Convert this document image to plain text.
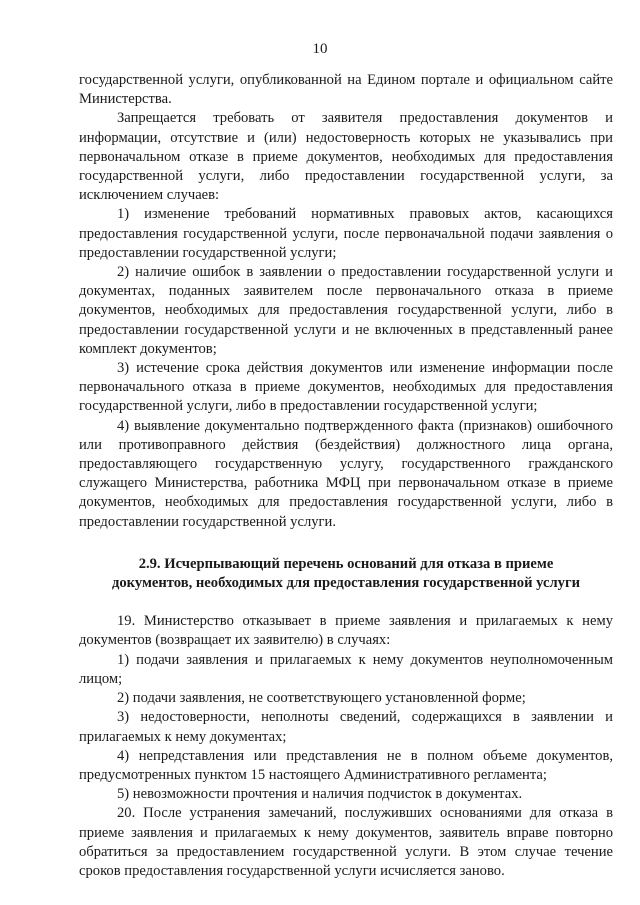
10

государственной услуги, опубликованной на Едином портале и официальном сайте Министерства.

Запрещается требовать от заявителя предоставления документов и информации, отсутствие и (или) недостоверность которых не указывались при первоначальном отказе в приеме документов, необходимых для предоставления государственной услуги, либо предоставлении государственной услуги, за исключением случаев:

1) изменение требований нормативных правовых актов, касающихся предоставления государственной услуги, после первоначальной подачи заявления о предоставлении государственной услуги;

2) наличие ошибок в заявлении о предоставлении государственной услуги и документах, поданных заявителем после первоначального отказа в приеме документов, необходимых для предоставления государственной услуги, либо в предоставлении государственной услуги и не включенных в представленный ранее комплект документов;

3) истечение срока действия документов или изменение информации после первоначального отказа в приеме документов, необходимых для предоставления государственной услуги, либо в предоставлении государственной услуги;

4) выявление документально подтвержденного факта (признаков) ошибочного или противоправного действия (бездействия) должностного лица органа, предоставляющего государственную услугу, государственного гражданского служащего Министерства, работника МФЦ при первоначальном отказе в приеме документов, необходимых для предоставления государственной услуги, либо в предоставлении государственной услуги.

2.9. Исчерпывающий перечень оснований для отказа в приеме
документов, необходимых для предоставления государственной услуги

19. Министерство отказывает в приеме заявления и прилагаемых к нему документов (возвращает их заявителю) в случаях:

1) подачи заявления и прилагаемых к нему документов неуполномоченным лицом;

2) подачи заявления, не соответствующего установленной форме;

3) недостоверности, неполноты сведений, содержащихся в заявлении и прилагаемых к нему документах;

4) непредставления или представления не в полном объеме документов, предусмотренных пунктом 15 настоящего Административного регламента;

5) невозможности прочтения и наличия подчисток в документах.

20. После устранения замечаний, послуживших основаниями для отказа в приеме заявления и прилагаемых к нему документов, заявитель вправе повторно обратиться за предоставлением государственной услуги. В этом случае течение сроков предоставления государственной услуги исчисляется заново.
